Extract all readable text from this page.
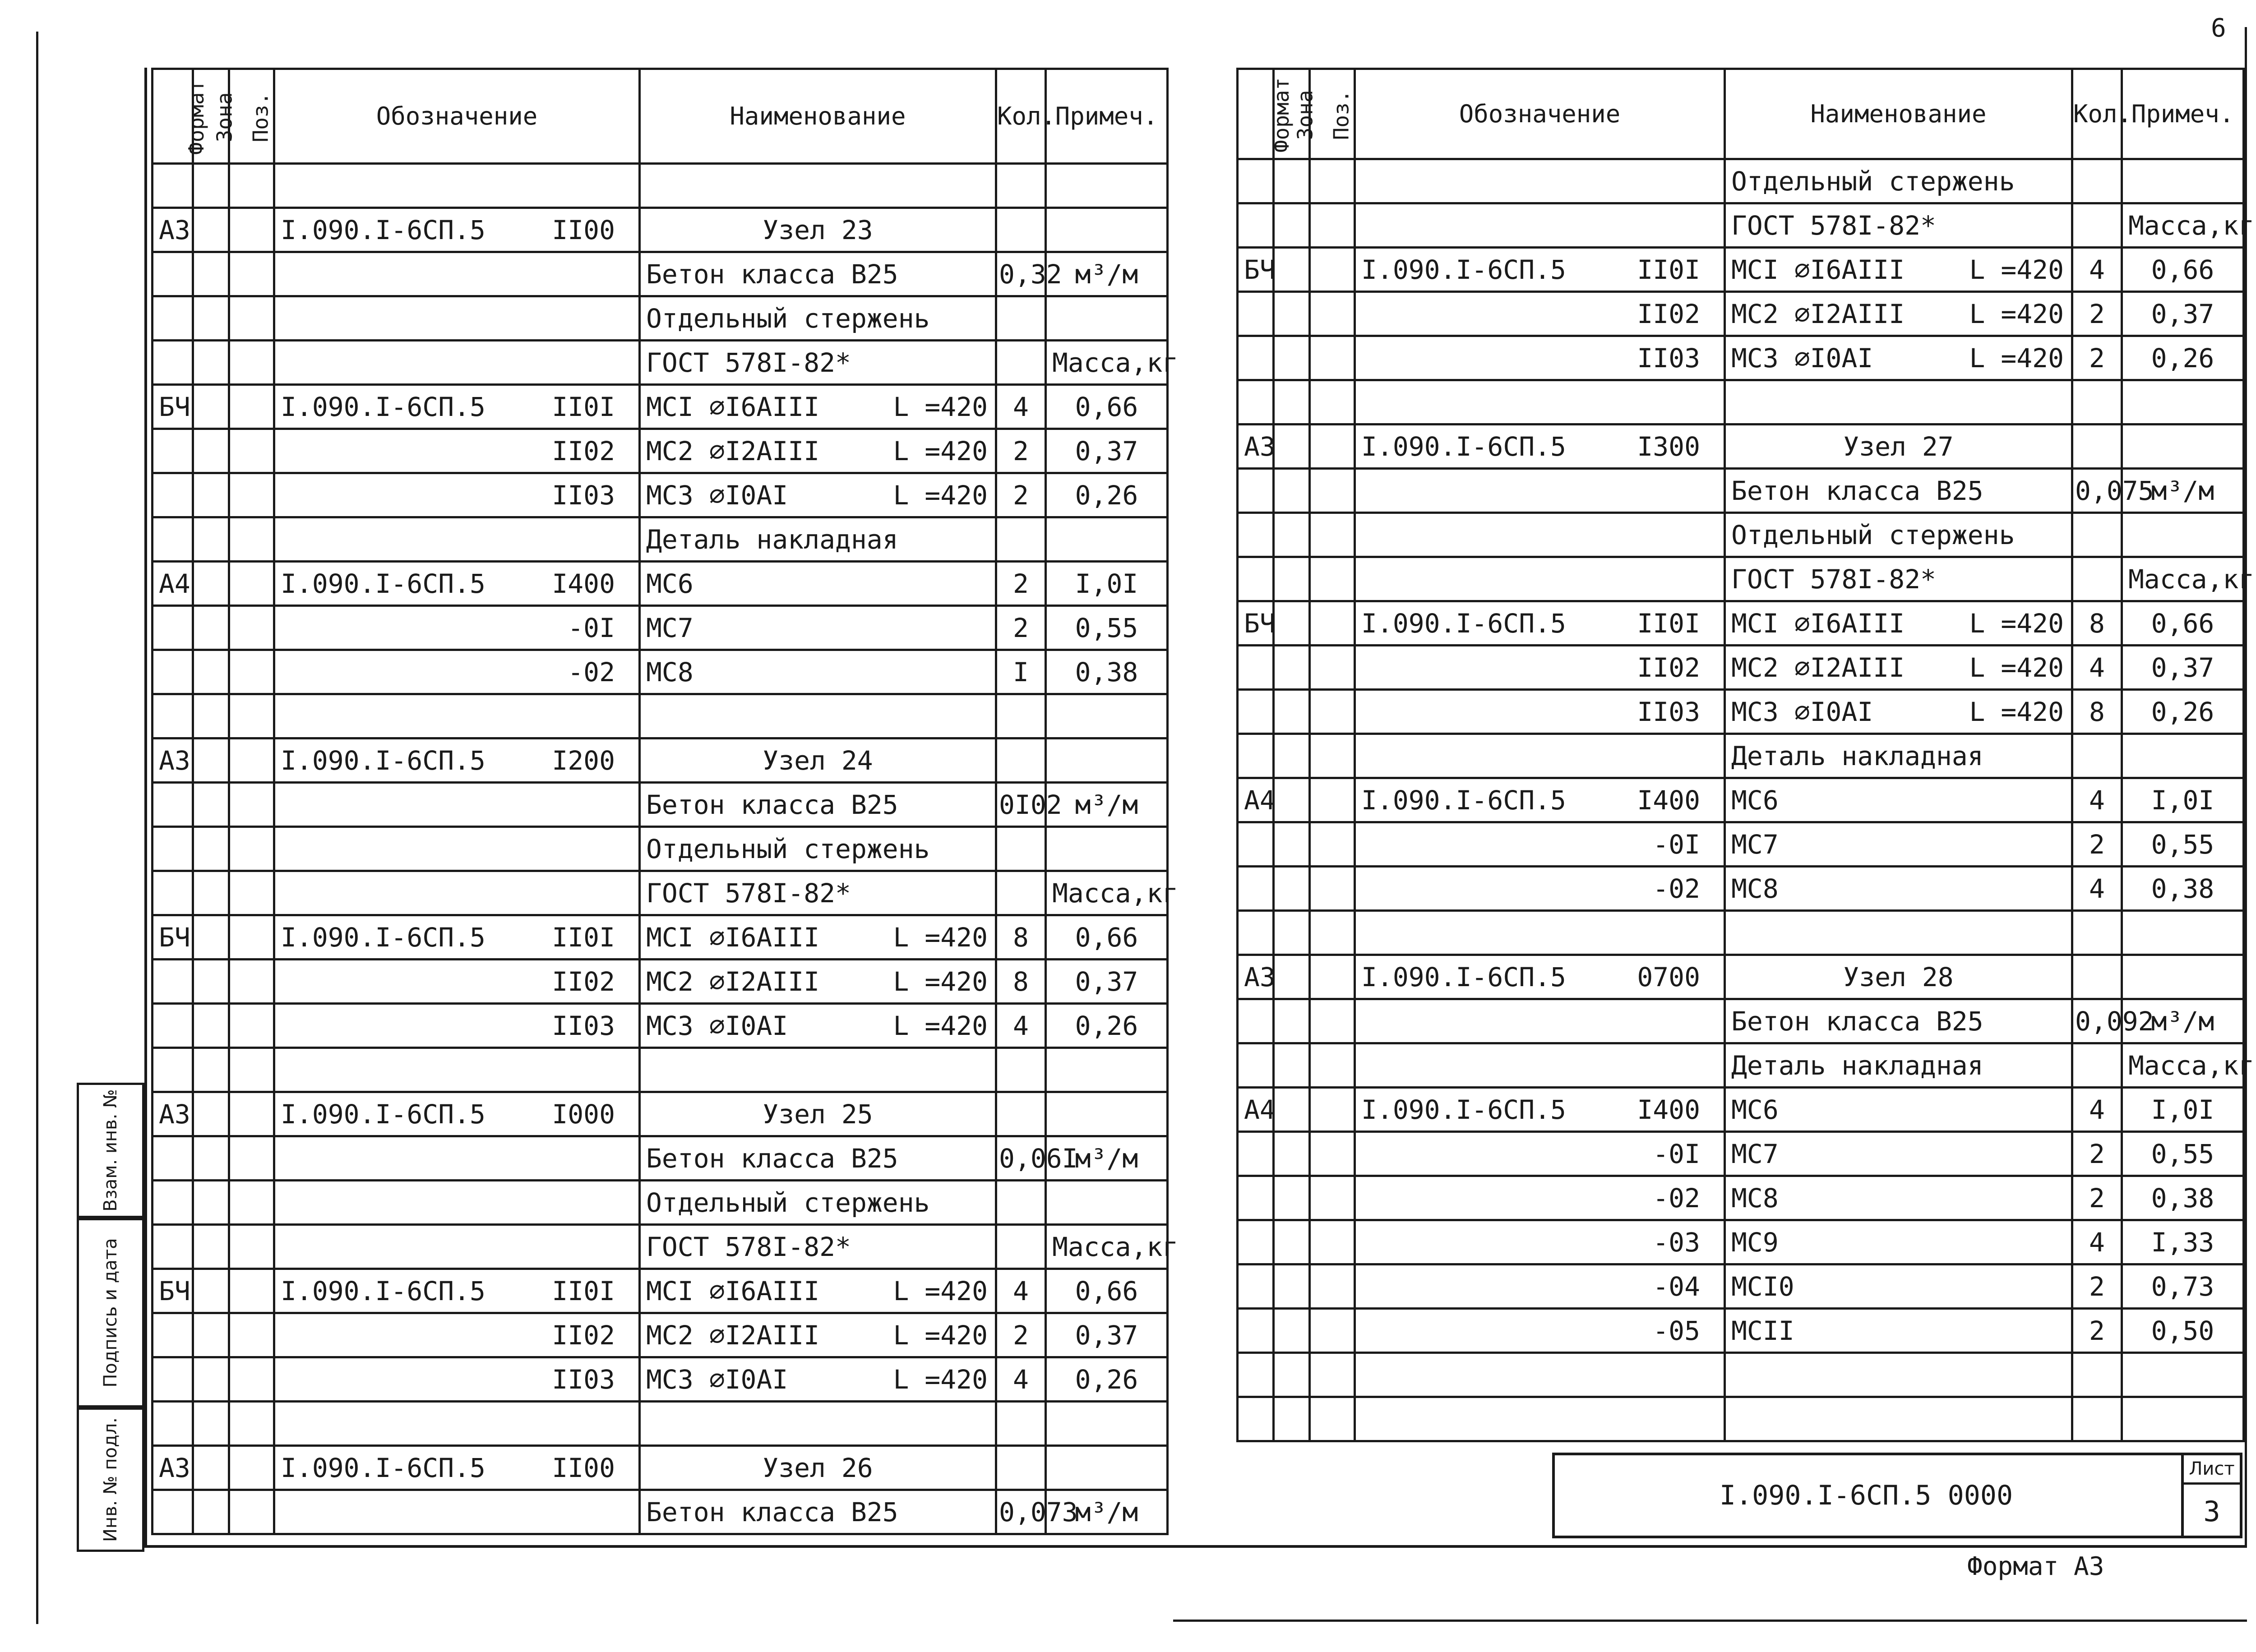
6
Инв. № подл.
Подпись и дата
Взам. инв. №
Формат	Зона	Поз.	Обозначение	Наименование	Кол.	Примеч.

А3			I.090.I-6СП.5 II00	Узел 23		

	Бетон класса В25	0,32	м³/м

	Отдельный стержень		

	ГОСТ 578I-82*		Масса,кг
БЧ			I.090.I-6СП.5 II0I	МСI ⌀I6АIII L =420	4	0,66

			II02	МС2 ⌀I2АIII L =420	2	0,37

			II03	МС3 ⌀I0АI L =420	2	0,26

	Деталь накладная		
А4			I.090.I-6СП.5 I400	МС6	2	I,0I

			-0I	МС7	2	0,55

			-02	МС8	I	0,38

А3			I.090.I-6СП.5 I200	Узел 24		

	Бетон класса В25	0I02	м³/м

	Отдельный стержень		

	ГОСТ 578I-82*		Масса,кг
БЧ			I.090.I-6СП.5 II0I	МСI ⌀I6АIII L =420	8	0,66

			II02	МС2 ⌀I2АIII L =420	8	0,37

			II03	МС3 ⌀I0АI L =420	4	0,26

А3			I.090.I-6СП.5 I000	Узел 25		

	Бетон класса В25	0,06I	м³/м

	Отдельный стержень		

	ГОСТ 578I-82*		Масса,кг
БЧ			I.090.I-6СП.5 II0I	МСI ⌀I6АIII L =420	4	0,66

			II02	МС2 ⌀I2АIII L =420	2	0,37

			II03	МС3 ⌀I0АI L =420	4	0,26

А3			I.090.I-6СП.5 II00	Узел 26		

	Бетон класса В25	0,073	м³/м
Формат	Зона	Поз.	Обозначение	Наименование	Кол.	Примеч.

	Отдельный стержень		

	ГОСТ 578I-82*		Масса,кг
БЧ			I.090.I-6СП.5 II0I	МСI ⌀I6АIII L =420	4	0,66

			II02	МС2 ⌀I2АIII L =420	2	0,37

			II03	МС3 ⌀I0АI L =420	2	0,26

А3			I.090.I-6СП.5 I300	Узел 27		

	Бетон класса В25	0,075	м³/м

	Отдельный стержень		

	ГОСТ 578I-82*		Масса,кг
БЧ			I.090.I-6СП.5 II0I	МСI ⌀I6АIII L =420	8	0,66

			II02	МС2 ⌀I2АIII L =420	4	0,37

			II03	МС3 ⌀I0АI L =420	8	0,26

	Деталь накладная		
А4			I.090.I-6СП.5 I400	МС6	4	I,0I

			-0I	МС7	2	0,55

			-02	МС8	4	0,38

А3			I.090.I-6СП.5 0700	Узел 28		

	Бетон класса В25	0,092	м³/м

	Деталь накладная		Масса,кг
А4			I.090.I-6СП.5 I400	МС6	4	I,0I

			-0I	МС7	2	0,55

			-02	МС8	2	0,38

			-03	МС9	4	I,33

			-04	МСI0	2	0,73

			-05	МСII	2	0,50

I.090.I-6СП.5 0000
Лист
3
Формат А3
